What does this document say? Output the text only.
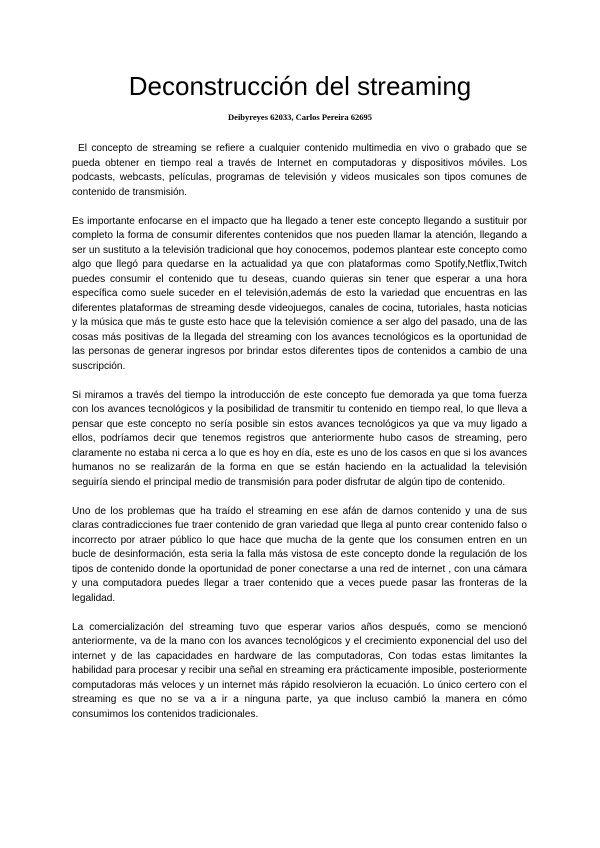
Deconstrucción del streaming
Deibyreyes 62033, Carlos Pereira 62695

El concepto de streaming se refiere a cualquier contenido multimedia en vivo o grabado que se pueda obtener en tiempo real a través de Internet en computadoras y dispositivos móviles. Los podcasts, webcasts, películas, programas de televisión y videos musicales son tipos comunes de contenido de transmisión.

Es importante enfocarse en el impacto que ha llegado a tener este concepto llegando a sustituir por completo la forma de consumir diferentes contenidos que nos pueden llamar la atención, llegando a ser un sustituto a la televisión tradicional que hoy conocemos, podemos plantear este concepto como algo que llegó para quedarse en la actualidad ya que con plataformas como Spotify,Netflix,Twitch puedes consumir el contenido que tu deseas, cuando quieras sin tener que esperar a una hora específica como suele suceder en el televisión,además de esto la variedad que encuentras en las diferentes plataformas de streaming desde videojuegos, canales de cocina, tutoriales, hasta noticias y la música que más te guste esto hace que la televisión comience a ser algo del pasado, una de las cosas más positivas de la llegada del streaming con los avances tecnológicos es la oportunidad de las personas de generar ingresos por brindar estos diferentes tipos de contenidos a cambio de una suscripción.

Si miramos a través del tiempo la introducción de este concepto fue demorada ya que toma fuerza con los avances tecnológicos y la posibilidad de transmitir tu contenido en tiempo real, lo que lleva a pensar que este concepto no sería posible sin estos avances tecnológicos ya que va muy ligado a ellos, podríamos decir que tenemos registros que anteriormente hubo casos de streaming, pero claramente no estaba ni cerca a lo que es hoy en día, este es uno de los casos en que si los avances humanos no se realizarán de la forma en que se están haciendo en la actualidad la televisión seguiría siendo el principal medio de transmisión para poder disfrutar de algún tipo de contenido.

Uno de los problemas que ha traído el streaming en ese afán de darnos contenido y una de sus claras contradicciones fue traer contenido de gran variedad que llega al punto crear contenido falso o incorrecto por atraer público lo que hace que mucha de la gente que los consumen entren en un bucle de desinformación, esta seria la falla más vistosa de este concepto donde la regulación de los tipos de contenido donde la oportunidad de poner conectarse a una red de internet , con una cámara y una computadora puedes llegar a traer contenido que a veces puede pasar las fronteras de la legalidad.

La comercialización del streaming tuvo que esperar varios años después, como se mencionó anteriormente, va de la mano con los avances tecnológicos y el crecimiento exponencial del uso del internet y de las capacidades en hardware de las computadoras, Con todas estas limitantes la habilidad para procesar y recibir una señal en streaming era prácticamente imposible, posteriormente computadoras más veloces y un internet más rápido resolvieron la ecuación. Lo único certero con el streaming es que no se va a ir a ninguna parte, ya que incluso cambió la manera en cómo consumimos los contenidos tradicionales.
